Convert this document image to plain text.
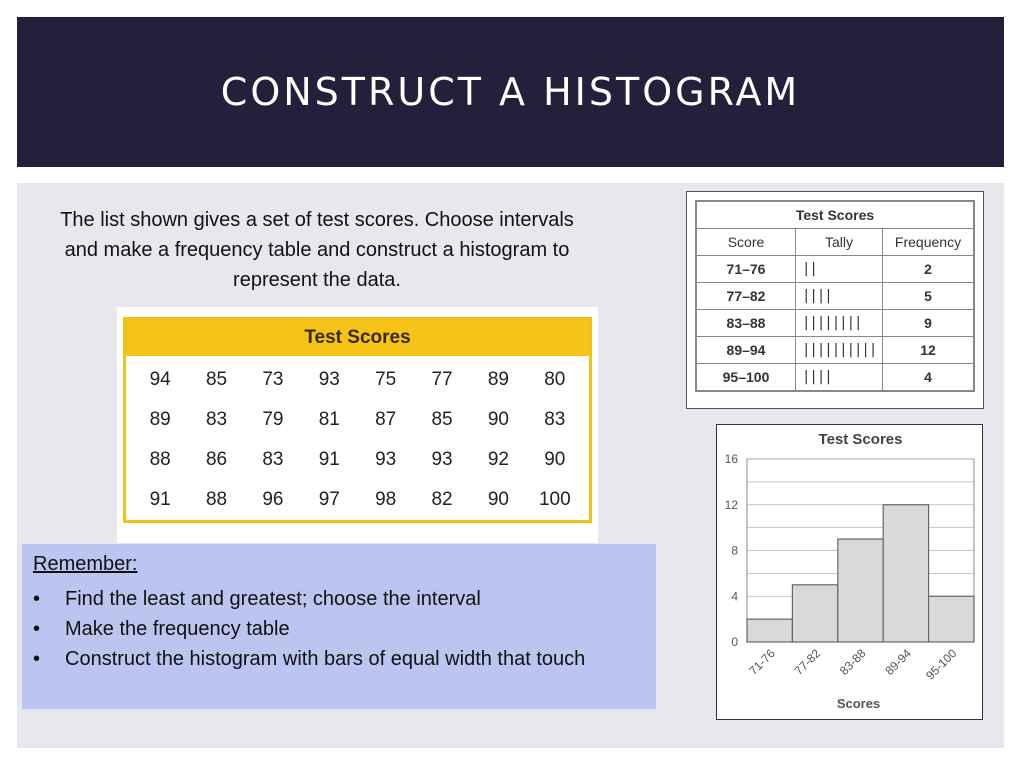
CONSTRUCT A HISTOGRAM
The list shown gives a set of test scores. Choose intervals and make a frequency table and construct a histogram to represent the data.
Test Scores
94	85	73	93	75	77	89	80
89	83	79	81	87	85	90	83
88	86	83	91	93	93	92	90
91	88	96	97	98	82	90	100
Remember:
• Find the least and greatest; choose the interval
• Make the frequency table
• Construct the histogram with bars of equal width that touch
Test Scores		
Score	Tally	Frequency
71–76	||	2
77–82	||||	5
83–88	||||||||	9
89–94	||||||||||	12
95–100	||||	4
Test Scores
0
4
8
12
16
71-76 77-82 83-88 89-94 95-100
Scores
